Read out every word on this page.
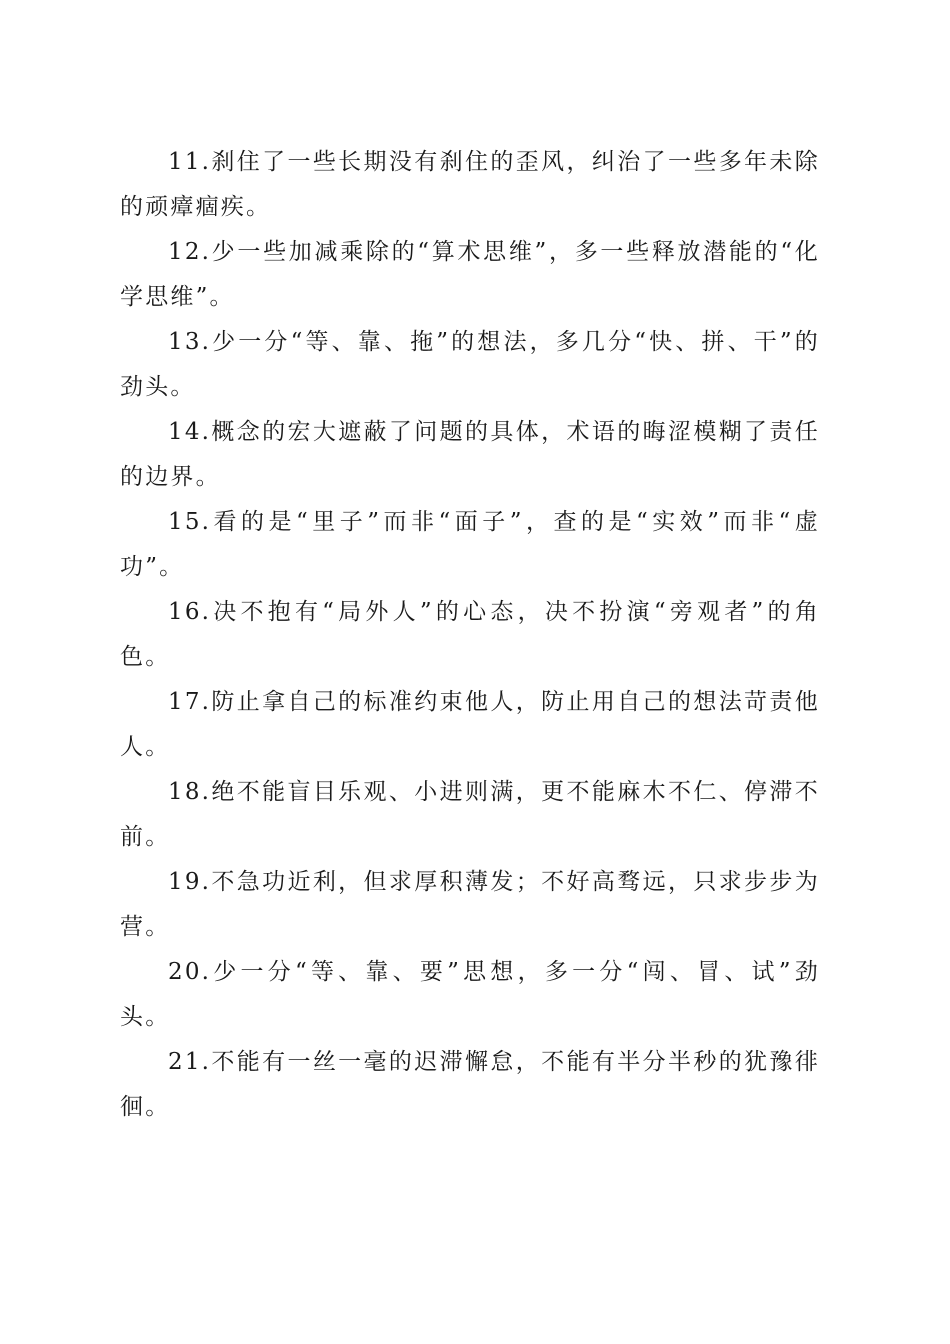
11.刹住了一些长期没有刹住的歪风，纠治了一些多年未除的顽瘴痼疾。

12.少一些加减乘除的“算术思维”，多一些释放潜能的“化学思维”。

13.少一分“等、靠、拖”的想法，多几分“快、拼、干”的劲头。

14.概念的宏大遮蔽了问题的具体，术语的晦涩模糊了责任的边界。

15.看的是“里子”而非“面子”，查的是“实效”而非“虚功”。

16.决不抱有“局外人”的心态，决不扮演“旁观者”的角色。

17.防止拿自己的标准约束他人，防止用自己的想法苛责他人。

18.绝不能盲目乐观、小进则满，更不能麻木不仁、停滞不前。

19.不急功近利，但求厚积薄发；不好高骛远，只求步步为营。

20.少一分“等、靠、要”思想，多一分“闯、冒、试”劲头。

21.不能有一丝一毫的迟滞懈怠，不能有半分半秒的犹豫徘徊。
